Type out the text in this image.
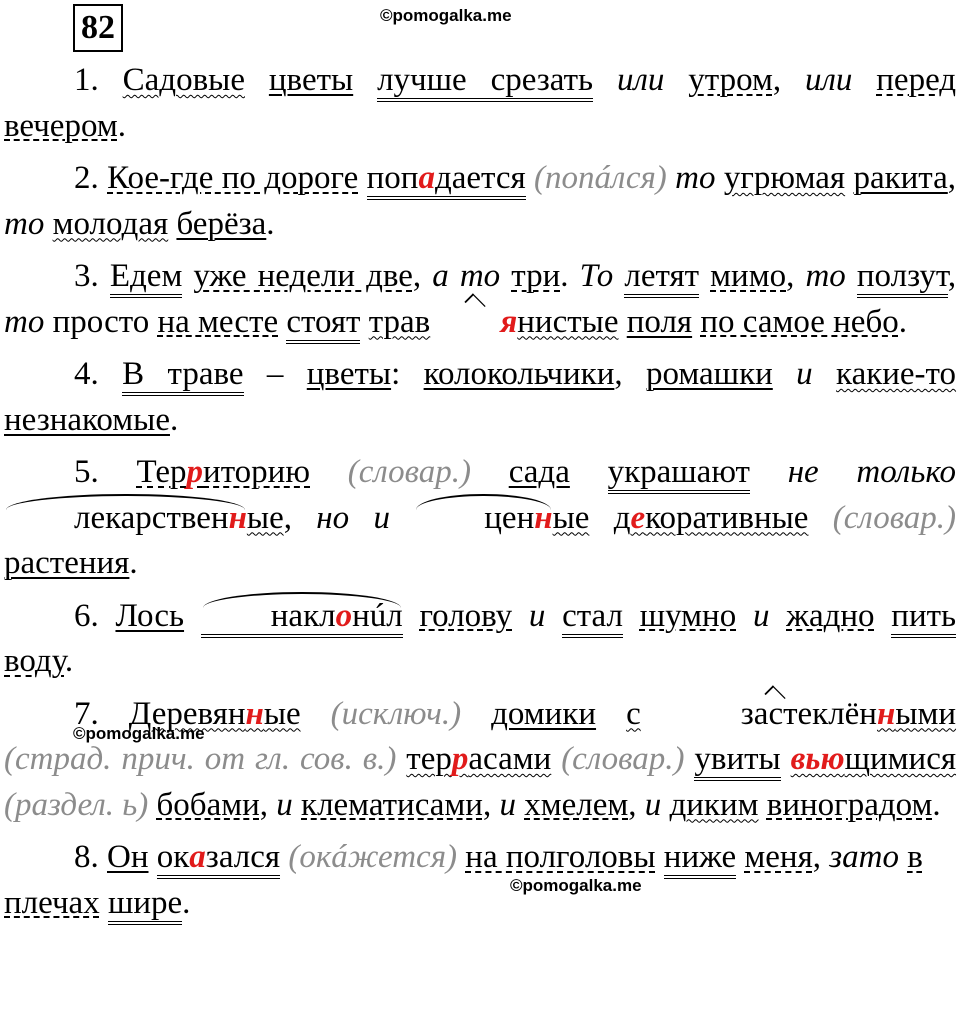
82	©pomogalka.me
©pomogalka.me
©pomogalka.me

1. Садовые цветы лучше срезать или утром, или перед вечером.

2. Кое-где по дороге попадается (попáлся) то угрюмая ракита, то молодая берёза.

3. Едем уже недели две, а то три. То летят мимо, то ползут, то просто на месте стоят трав янистые поля по самое небо.

4. В траве – цветы: колокольчики, ромашки и какие-то незнакомые.

5. Территорию (словар.) сада украшают не только лекарственные, но и	ценные декоративные (словар.) растения.

6. Лось	наклонúл голову и стал шумно и жадно пить воду.

7. Деревянные (исключ.) домики с	застеклёнными (страд. прич. от гл. сов. в.) террасами (словар.) увиты вьющимися (раздел. ь) бобами, и клематисами, и хмелем, и диким виноградом.

8. Он оказался (окáжется) на полголовы ниже меня, зато в плечах шире.
